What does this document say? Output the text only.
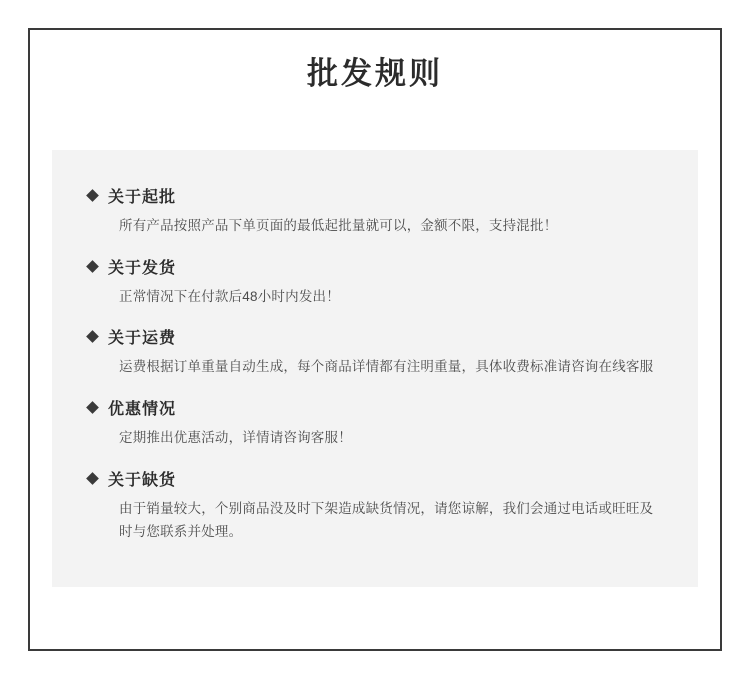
批发规则
关于起批
所有产品按照产品下单页面的最低起批量就可以，金额不限，支持混批！
关于发货
正常情况下在付款后48小时内发出！
关于运费
运费根据订单重量自动生成，每个商品详情都有注明重量，具体收费标准请咨询在线客服
优惠情况
定期推出优惠活动，详情请咨询客服！
关于缺货
由于销量较大，个别商品没及时下架造成缺货情况，请您谅解，我们会通过电话或旺旺及时与您联系并处理。
